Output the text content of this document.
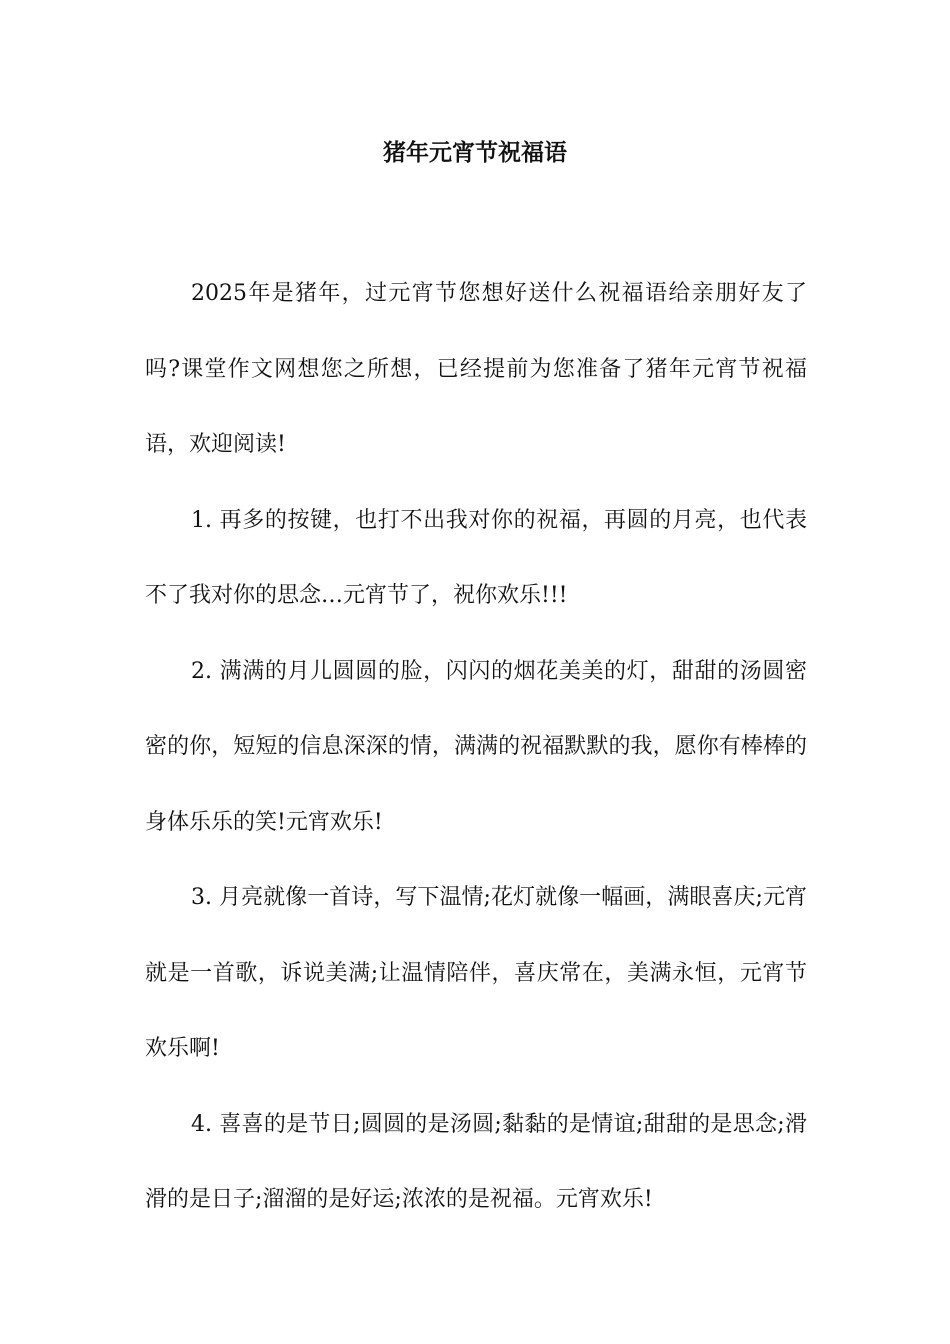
猪年元宵节祝福语

2025年是猪年，过元宵节您想好送什么祝福语给亲朋好友了吗?课堂作文网想您之所想，已经提前为您准备了猪年元宵节祝福语，欢迎阅读!

1. 再多的按键，也打不出我对你的祝福，再圆的月亮，也代表不了我对你的思念…元宵节了，祝你欢乐!!!

2. 满满的月儿圆圆的脸，闪闪的烟花美美的灯，甜甜的汤圆密密的你，短短的信息深深的情，满满的祝福默默的我，愿你有棒棒的身体乐乐的笑!元宵欢乐!

3. 月亮就像一首诗，写下温情;花灯就像一幅画，满眼喜庆;元宵就是一首歌，诉说美满;让温情陪伴，喜庆常在，美满永恒，元宵节欢乐啊!

4. 喜喜的是节日;圆圆的是汤圆;黏黏的是情谊;甜甜的是思念;滑滑的是日子;溜溜的是好运;浓浓的是祝福。元宵欢乐!
